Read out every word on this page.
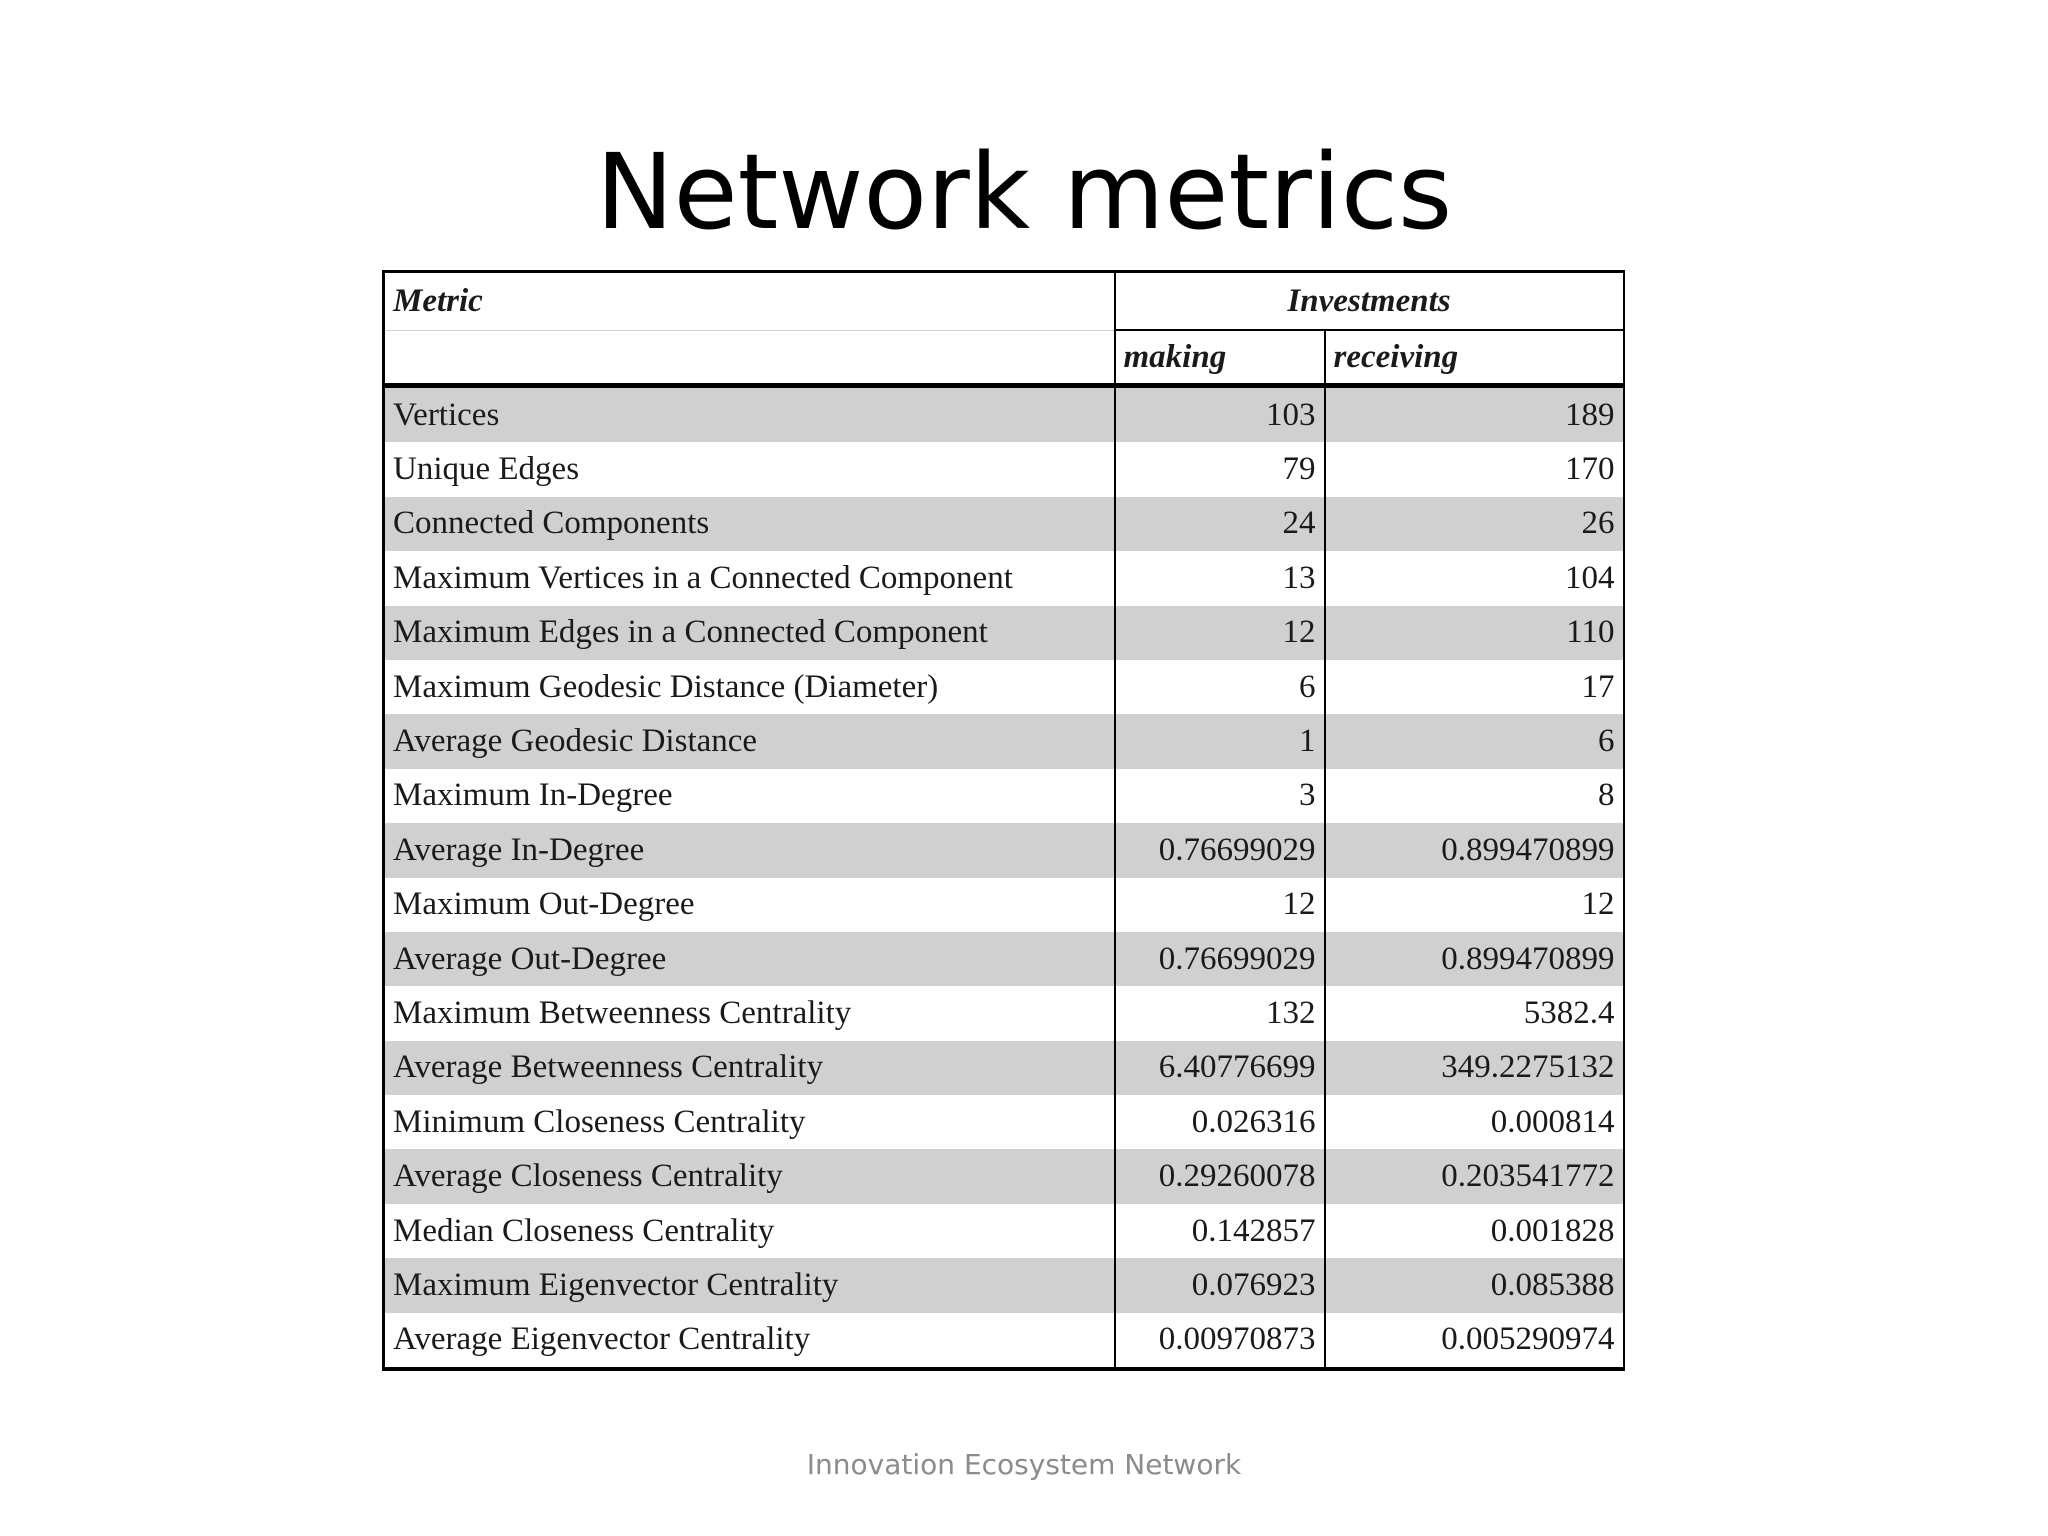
Network metrics
Metric	Investments	
	making	receiving
Vertices	103	189
Unique Edges	79	170
Connected Components	24	26
Maximum Vertices in a Connected Component	13	104
Maximum Edges in a Connected Component	12	110
Maximum Geodesic Distance (Diameter)	6	17
Average Geodesic Distance	1	6
Maximum In-Degree	3	8
Average In-Degree	0.76699029	0.899470899
Maximum Out-Degree	12	12
Average Out-Degree	0.76699029	0.899470899
Maximum Betweenness Centrality	132	5382.4
Average Betweenness Centrality	6.40776699	349.2275132
Minimum Closeness Centrality	0.026316	0.000814
Average Closeness Centrality	0.29260078	0.203541772
Median Closeness Centrality	0.142857	0.001828
Maximum Eigenvector Centrality	0.076923	0.085388
Average Eigenvector Centrality	0.00970873	0.005290974
Innovation Ecosystem Network
